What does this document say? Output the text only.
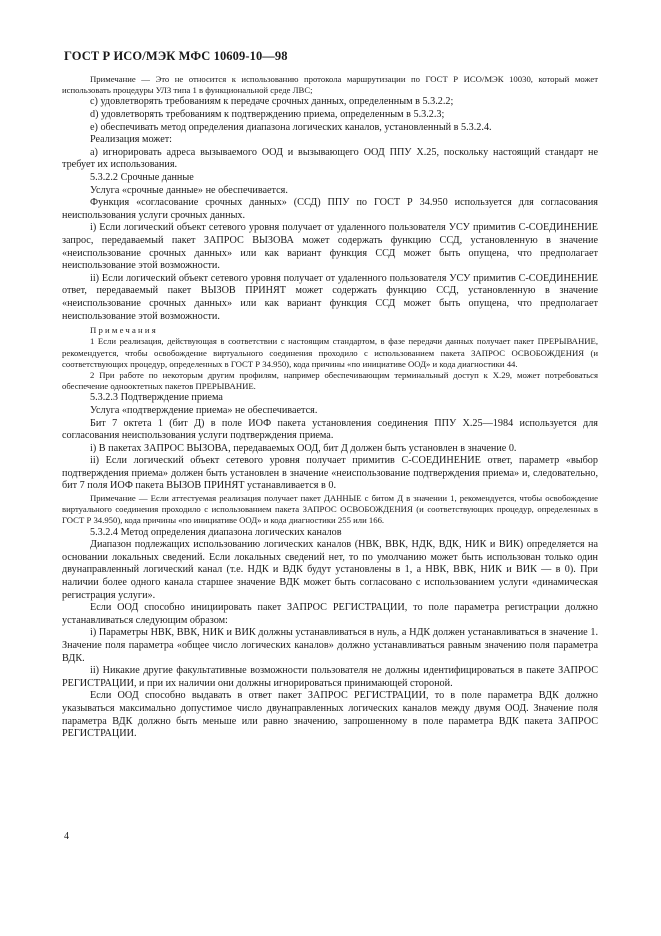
ГОСТ Р ИСО/МЭК МФС 10609-10—98

Примечание — Это не относится к использованию протокола маршрутизации по ГОСТ Р ИСО/МЭК 10030, который может использовать процедуры УЛЗ типа 1 в функциональной среде ЛВС;

c) удовлетворять требованиям к передаче срочных данных, определенным в 5.3.2.2;

d) удовлетворять требованиям к подтверждению приема, определенным в 5.3.2.3;

e) обеспечивать метод определения диапазона логических каналов, установленный в 5.3.2.4.

Реализация может:

a) игнорировать адреса вызываемого ООД и вызывающего ООД ППУ Х.25, поскольку настоящий стандарт не требует их использования.

5.3.2.2 Срочные данные

Услуга «срочные данные» не обеспечивается.

Функция «согласование срочных данных» (ССД) ППУ по ГОСТ Р 34.950 используется для согласования неиспользования услуги срочных данных.

i) Если логический объект сетевого уровня получает от удаленного пользователя УСУ примитив С-СОЕДИНЕНИЕ запрос, передаваемый пакет ЗАПРОС ВЫЗОВА может содержать функцию ССД, установленную в значение «неиспользование срочных данных» или как вариант функция ССД может быть опущена, что предполагает неиспользование этой возможности.

ii) Если логический объект сетевого уровня получает от удаленного пользователя УСУ примитив С-СОЕДИНЕНИЕ ответ, передаваемый пакет ВЫЗОВ ПРИНЯТ может содержать функцию ССД, установленную в значение «неиспользование срочных данных» или как вариант функция ССД может быть опущена, что предполагает неиспользование этой возможности.

Примечания

1 Если реализация, действующая в соответствии с настоящим стандартом, в фазе передачи данных получает пакет ПРЕРЫВАНИЕ, рекомендуется, чтобы освобождение виртуального соединения проходило с использованием пакета ЗАПРОС ОСВОБОЖДЕНИЯ (и соответствующих процедур, определенных в ГОСТ Р 34.950), кода причины «по инициативе ООД» и кода диагностики 44.

2 При работе по некоторым другим профилям, например обеспечивающим терминальный доступ к Х.29, может потребоваться обеспечение однооктетных пакетов ПРЕРЫВАНИЕ.

5.3.2.3 Подтверждение приема

Услуга «подтверждение приема» не обеспечивается.

Бит 7 октета 1 (бит Д) в поле ИОФ пакета установления соединения ППУ Х.25—1984 используется для согласования неиспользования услуги подтверждения приема.

i) В пакетах ЗАПРОС ВЫЗОВА, передаваемых ООД, бит Д должен быть установлен в значение 0.

ii) Если логический объект сетевого уровня получает примитив С-СОЕДИНЕНИЕ ответ, параметр «выбор подтверждения приема» должен быть установлен в значение «неиспользование подтверждения приема» и, следовательно, бит 7 поля ИОФ пакета ВЫЗОВ ПРИНЯТ устанавливается в 0.

Примечание — Если аттестуемая реализация получает пакет ДАННЫЕ с битом Д в значении 1, рекомендуется, чтобы освобождение виртуального соединения проходило с использованием пакета ЗАПРОС ОСВОБОЖДЕНИЯ (и соответствующих процедур, определенных в ГОСТ Р 34.950), кода причины «по инициативе ООД» и кода диагностики 255 или 166.

5.3.2.4 Метод определения диапазона логических каналов

Диапазон подлежащих использованию логических каналов (НВК, ВВК, НДК, ВДК, НИК и ВИК) определяется на основании локальных сведений. Если локальных сведений нет, то по умолчанию может быть использован только один двунаправленный логический канал (т.е. НДК и ВДК будут установлены в 1, а НВК, ВВК, НИК и ВИК — в 0). При наличии более одного канала старшее значение ВДК может быть согласовано с использованием услуги «динамическая регистрация услуги».

Если ООД способно инициировать пакет ЗАПРОС РЕГИСТРАЦИИ, то поле параметра регистрации должно устанавливаться следующим образом:

i) Параметры НВК, ВВК, НИК и ВИК должны устанавливаться в нуль, а НДК должен устанавливаться в значение 1. Значение поля параметра «общее число логических каналов» должно устанавливаться равным значению поля параметра ВДК.

ii) Никакие другие факультативные возможности пользователя не должны идентифицироваться в пакете ЗАПРОС РЕГИСТРАЦИИ, и при их наличии они должны игнорироваться принимающей стороной.

Если ООД способно выдавать в ответ пакет ЗАПРОС РЕГИСТРАЦИИ, то в поле параметра ВДК должно указываться максимально допустимое число двунаправленных логических каналов между двумя ООД. Значение поля параметра ВДК должно быть меньше или равно значению, запрошенному в поле параметра ВДК пакета ЗАПРОС РЕГИСТРАЦИИ.

4
